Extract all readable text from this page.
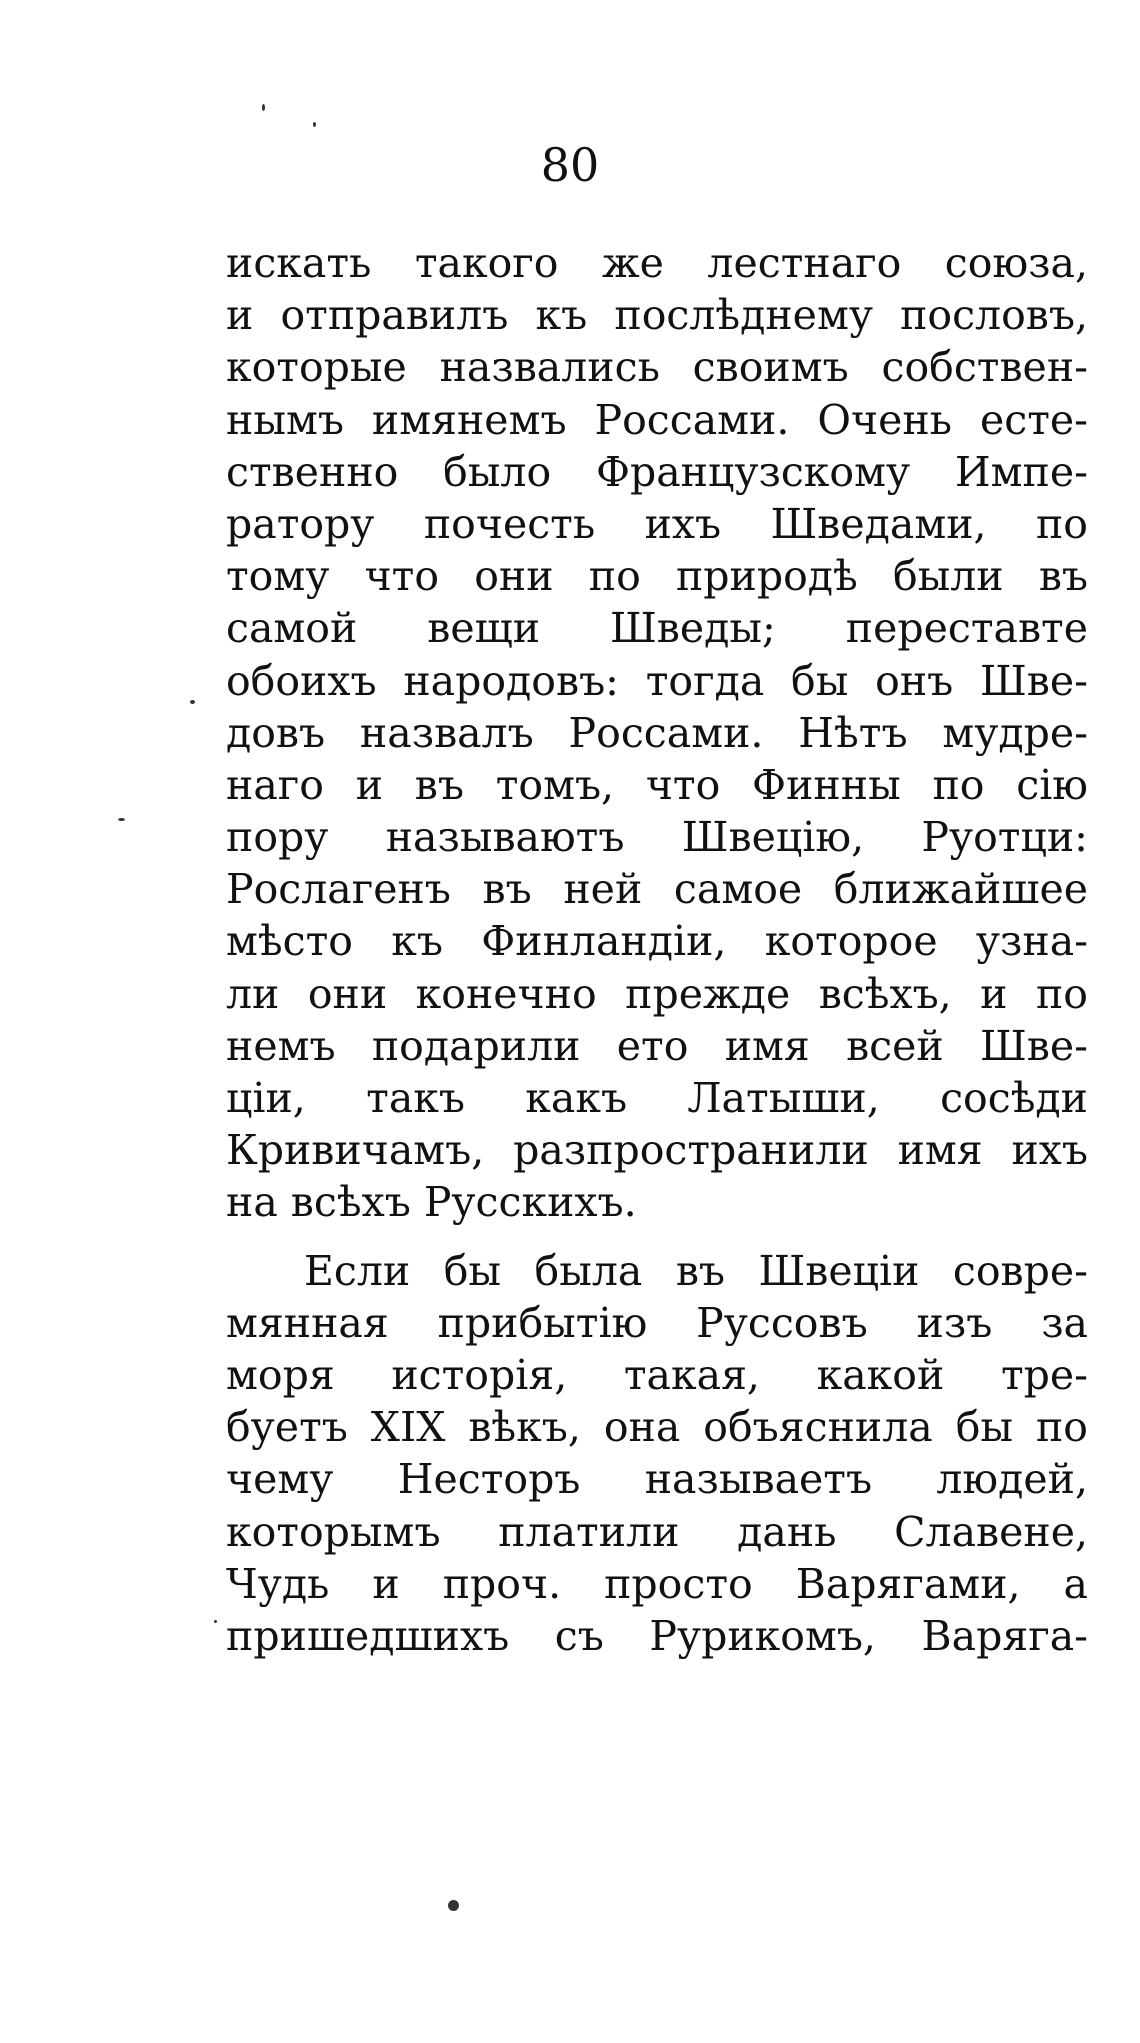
80
искать такого же лестнаго союза,
и отправилъ къ послѣднему пословъ,
которые назвались своимъ собствен-
нымъ имянемъ Россами. Очень есте-
ственно было Французскому Импе-
ратору почесть ихъ Шведами, по
тому что они по природѣ были въ
самой вещи Шведы; переставте
обоихъ народовъ: тогда бы онъ Шве-
довъ назвалъ Россами. Нѣтъ мудре-
наго и въ томъ, что Финны по сію
пору называютъ Швецію, Руотци:
Рослагенъ въ ней самое ближайшее
мѣсто къ Финландіи, которое узна-
ли они конечно прежде всѣхъ, и по
немъ подарили ето имя всей Шве-
ціи, такъ какъ Латыши, сосѣди
Кривичамъ, разпространили имя ихъ
на всѣхъ Русскихъ.
Если бы была въ Швеціи совре-
мянная прибытію Руссовъ изъ за
моря исторія, такая, какой тре-
буетъ XIX вѣкъ, она объяснила бы по
чему Несторъ называетъ людей,
которымъ платили дань Славене,
Чудь и проч. просто Варягами, а
пришедшихъ съ Рурикомъ, Варяга-
